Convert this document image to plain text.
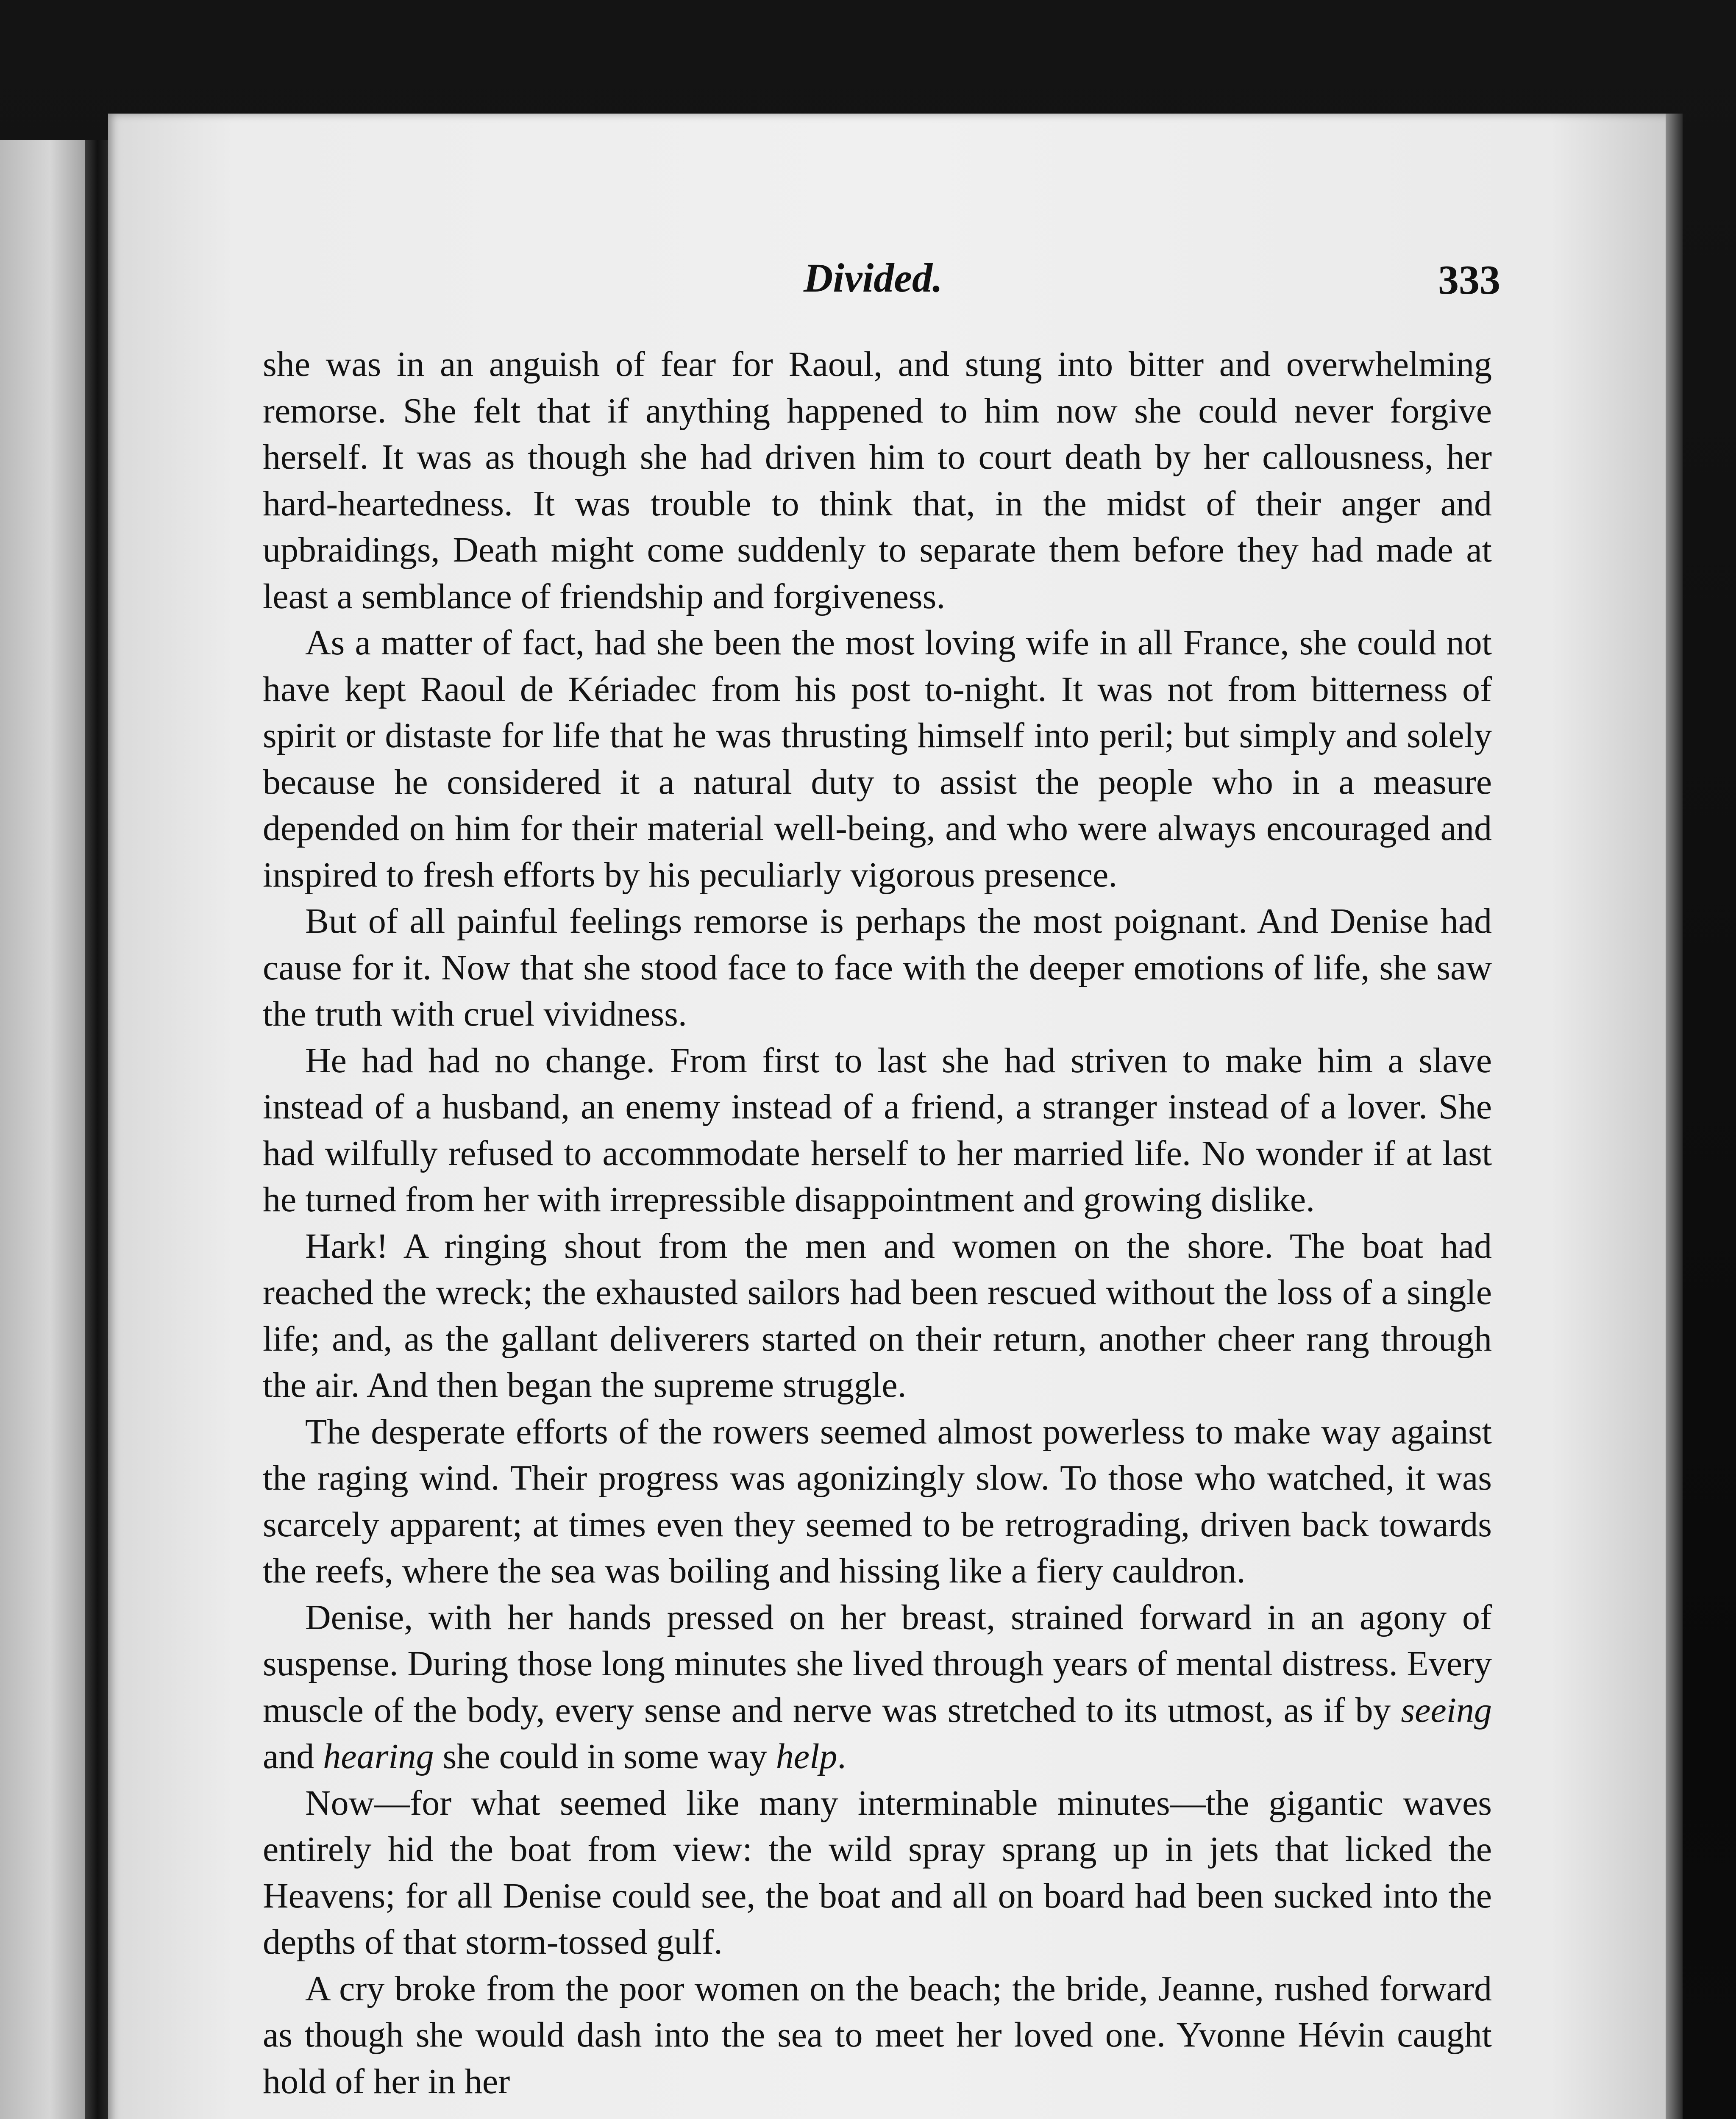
Divided.	333

she was in an anguish of fear for Raoul, and stung into bitter and overwhelming remorse. She felt that if anything happened to him now she could never forgive herself. It was as though she had driven him to court death by her callousness, her hard-heartedness. It was trouble to think that, in the midst of their anger and upbraidings, Death might come suddenly to separate them before they had made at least a semblance of friendship and forgiveness.

As a matter of fact, had she been the most loving wife in all France, she could not have kept Raoul de Kériadec from his post to-night. It was not from bitterness of spirit or distaste for life that he was thrusting himself into peril; but simply and solely because he considered it a natural duty to assist the people who in a measure depended on him for their material well-being, and who were always encouraged and inspired to fresh efforts by his peculiarly vigorous presence.

But of all painful feelings remorse is perhaps the most poignant. And Denise had cause for it. Now that she stood face to face with the deeper emotions of life, she saw the truth with cruel vividness.

He had had no change. From first to last she had striven to make him a slave instead of a husband, an enemy instead of a friend, a stranger instead of a lover. She had wilfully refused to accommodate herself to her married life. No wonder if at last he turned from her with irrepressible disappointment and growing dislike.

Hark! A ringing shout from the men and women on the shore. The boat had reached the wreck; the exhausted sailors had been rescued without the loss of a single life; and, as the gallant deliverers started on their return, another cheer rang through the air. And then began the supreme struggle.

The desperate efforts of the rowers seemed almost powerless to make way against the raging wind. Their progress was agonizingly slow. To those who watched, it was scarcely apparent; at times even they seemed to be retrograding, driven back towards the reefs, where the sea was boiling and hissing like a fiery cauldron.

Denise, with her hands pressed on her breast, strained forward in an agony of suspense. During those long minutes she lived through years of mental distress. Every muscle of the body, every sense and nerve was stretched to its utmost, as if by seeing and hearing she could in some way help.

Now—for what seemed like many interminable minutes—the gigantic waves entirely hid the boat from view: the wild spray sprang up in jets that licked the Heavens; for all Denise could see, the boat and all on board had been sucked into the depths of that storm-tossed gulf.

A cry broke from the poor women on the beach; the bride, Jeanne, rushed forward as though she would dash into the sea to meet her loved one. Yvonne Hévin caught hold of her in her
